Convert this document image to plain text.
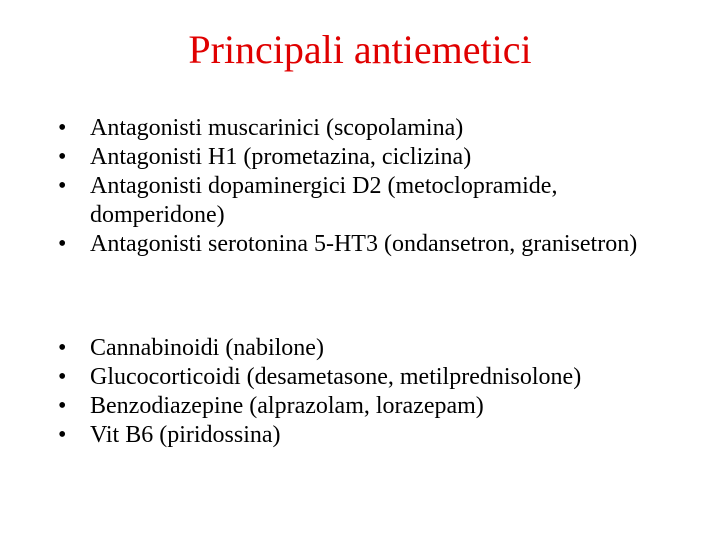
Principali antiemetici
• Antagonisti muscarinici (scopolamina)
• Antagonisti H1 (prometazina, ciclizina)
• Antagonisti dopaminergici D2 (metoclopramide, domperidone)
• Antagonisti serotonina 5-HT3 (ondansetron, granisetron)
• Cannabinoidi (nabilone)
• Glucocorticoidi (desametasone, metilprednisolone)
• Benzodiazepine (alprazolam, lorazepam)
• Vit B6 (piridossina)
